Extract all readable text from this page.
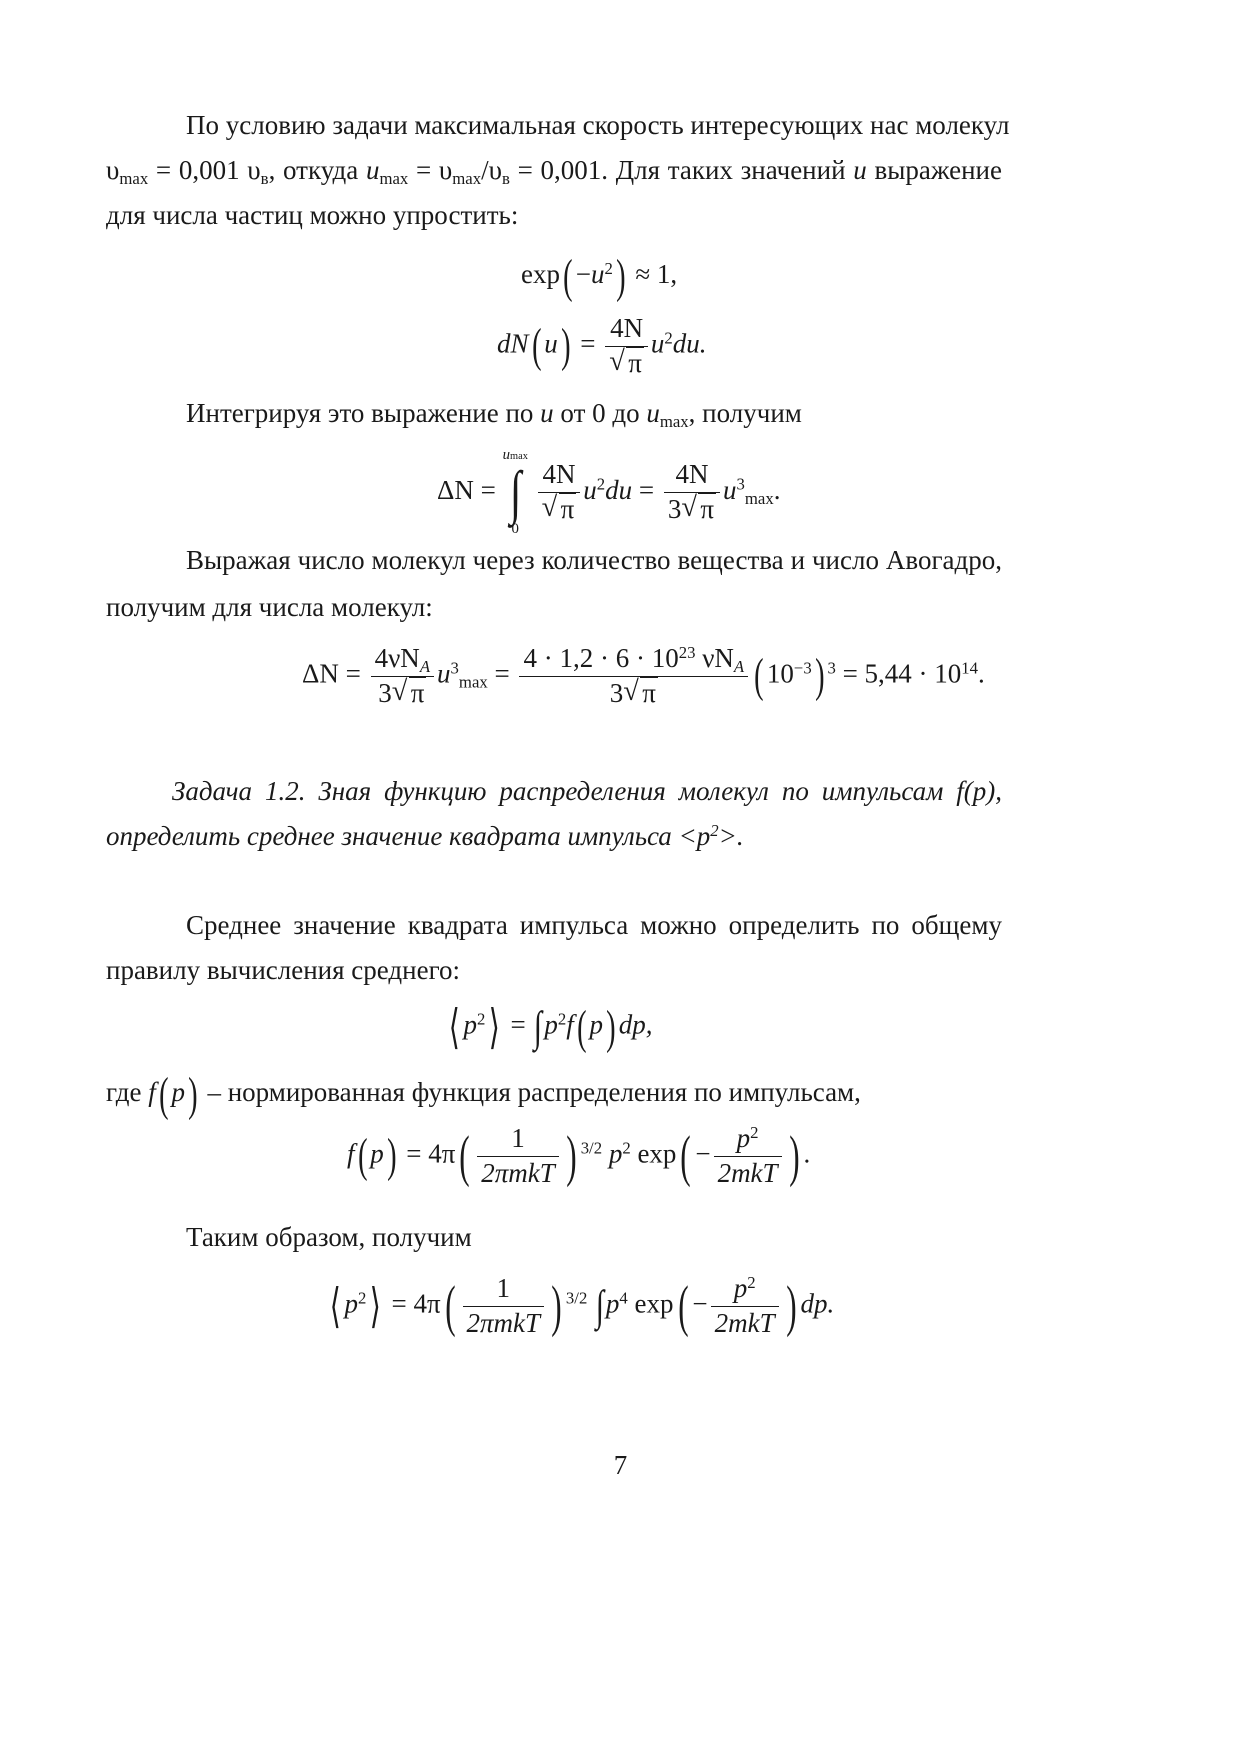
По условию задачи максимальная скорость интересующих нас молекул
$\upsilon_{max} = 0,001$ $\upsilon_в$, откуда $u_{max} = \upsilon_{max}/\upsilon_в = 0,001$. Для таких значений u выражение
для числа частиц можно упростить:
$\exp( -u^2) \approx 1$,
dN( u) = 4N
√ π $u^2du$.
Интегрируя это выражение по u от 0 до $u_{max}$, получим
ΔN =
umax
∫
0

4N
√ π $u^2du = \frac{4N}{3 √ \pi} u^3_{max}$.
Выражая число молекул через количество вещества и число Авогадро,
получим для числа молекул:
$\Delta N = \frac{4\nu N_A}{3 √ \pi} u^3_{max} = \frac{4 \cdot 1,2 \cdot 6 \cdot 10^{23} \nu N_A}{3 √ \pi}$ ( $10^{-3}$) $^3 = 5,44 \cdot 10^{14}$.
Задача 1.2. Зная функцию распределения молекул по импульсам f(p),
определить среднее значение квадрата импульса $<p^2>$.
Среднее значение квадрата импульса можно определить по общему
правилу вычисления среднего:
⟨ $p^2⟩ = \int p^2f$( p) dp,
где f( p) – нормированная функция распределения по импульсам,
f( $p) = 4\pi( \frac{1}{\text{2πmkT}}$ ) $^{3/2}$ $p^2$ $\exp( - \frac{p^2}{\text{2mkT}}$ ) .
Таким образом, получим
⟨ $p^2⟩ = 4\pi( \frac{1}{\text{2πmkT}}$ ) $^{3/2}$ $\int p^4$ $\exp( - \frac{p^2}{\text{2mkT}}$ ) dp.
7
